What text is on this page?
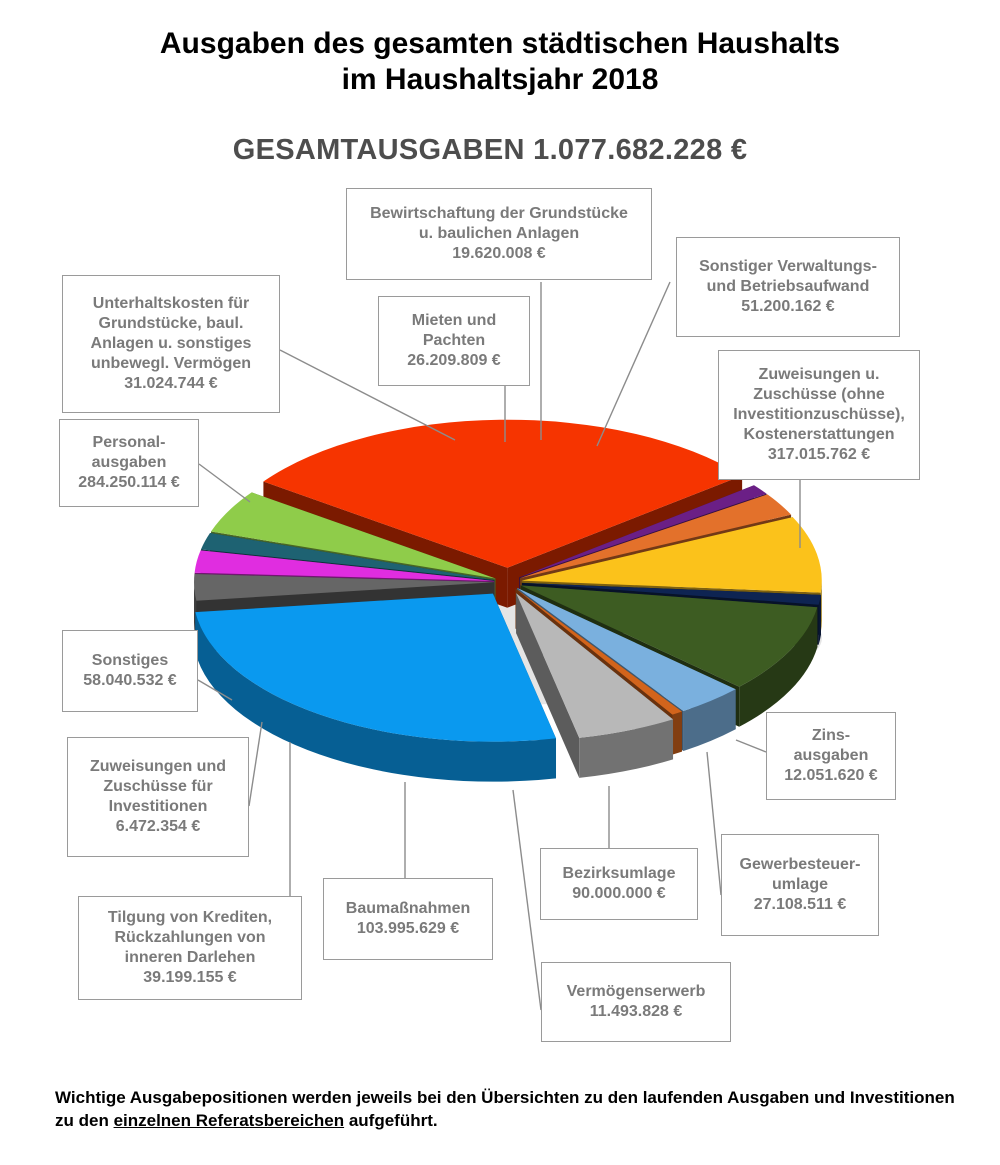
Ausgaben des gesamten städtischen Haushalts
im Haushaltsjahr 2018
GESAMTAUSGABEN 1.077.682.228 €
Bewirtschaftung der Grundstücke
u. baulichen Anlagen
19.620.008 €
Sonstiger Verwaltungs-
und Betriebsaufwand
51.200.162 €
Zuweisungen u.
Zuschüsse (ohne
Investitionzuschüsse),
Kostenerstattungen
317.015.762 €
Zins-
ausgaben
12.051.620 €
Gewerbesteuer-
umlage
27.108.511 €
Bezirksumlage
90.000.000 €
Vermögenserwerb
11.493.828 €
Baumaßnahmen
103.995.629 €
Tilgung von Krediten,
Rückzahlungen von
inneren Darlehen
39.199.155 €
Zuweisungen und
Zuschüsse für
Investitionen
6.472.354 €
Sonstiges
58.040.532 €
Personal-
ausgaben
284.250.114 €
Unterhaltskosten für
Grundstücke, baul.
Anlagen u. sonstiges
unbewegl. Vermögen
31.024.744 €
Mieten und
Pachten
26.209.809 €
Wichtige Ausgabepositionen werden jeweils bei den Übersichten zu den laufenden Ausgaben und Investitionen zu den einzelnen Referatsbereichen aufgeführt.
